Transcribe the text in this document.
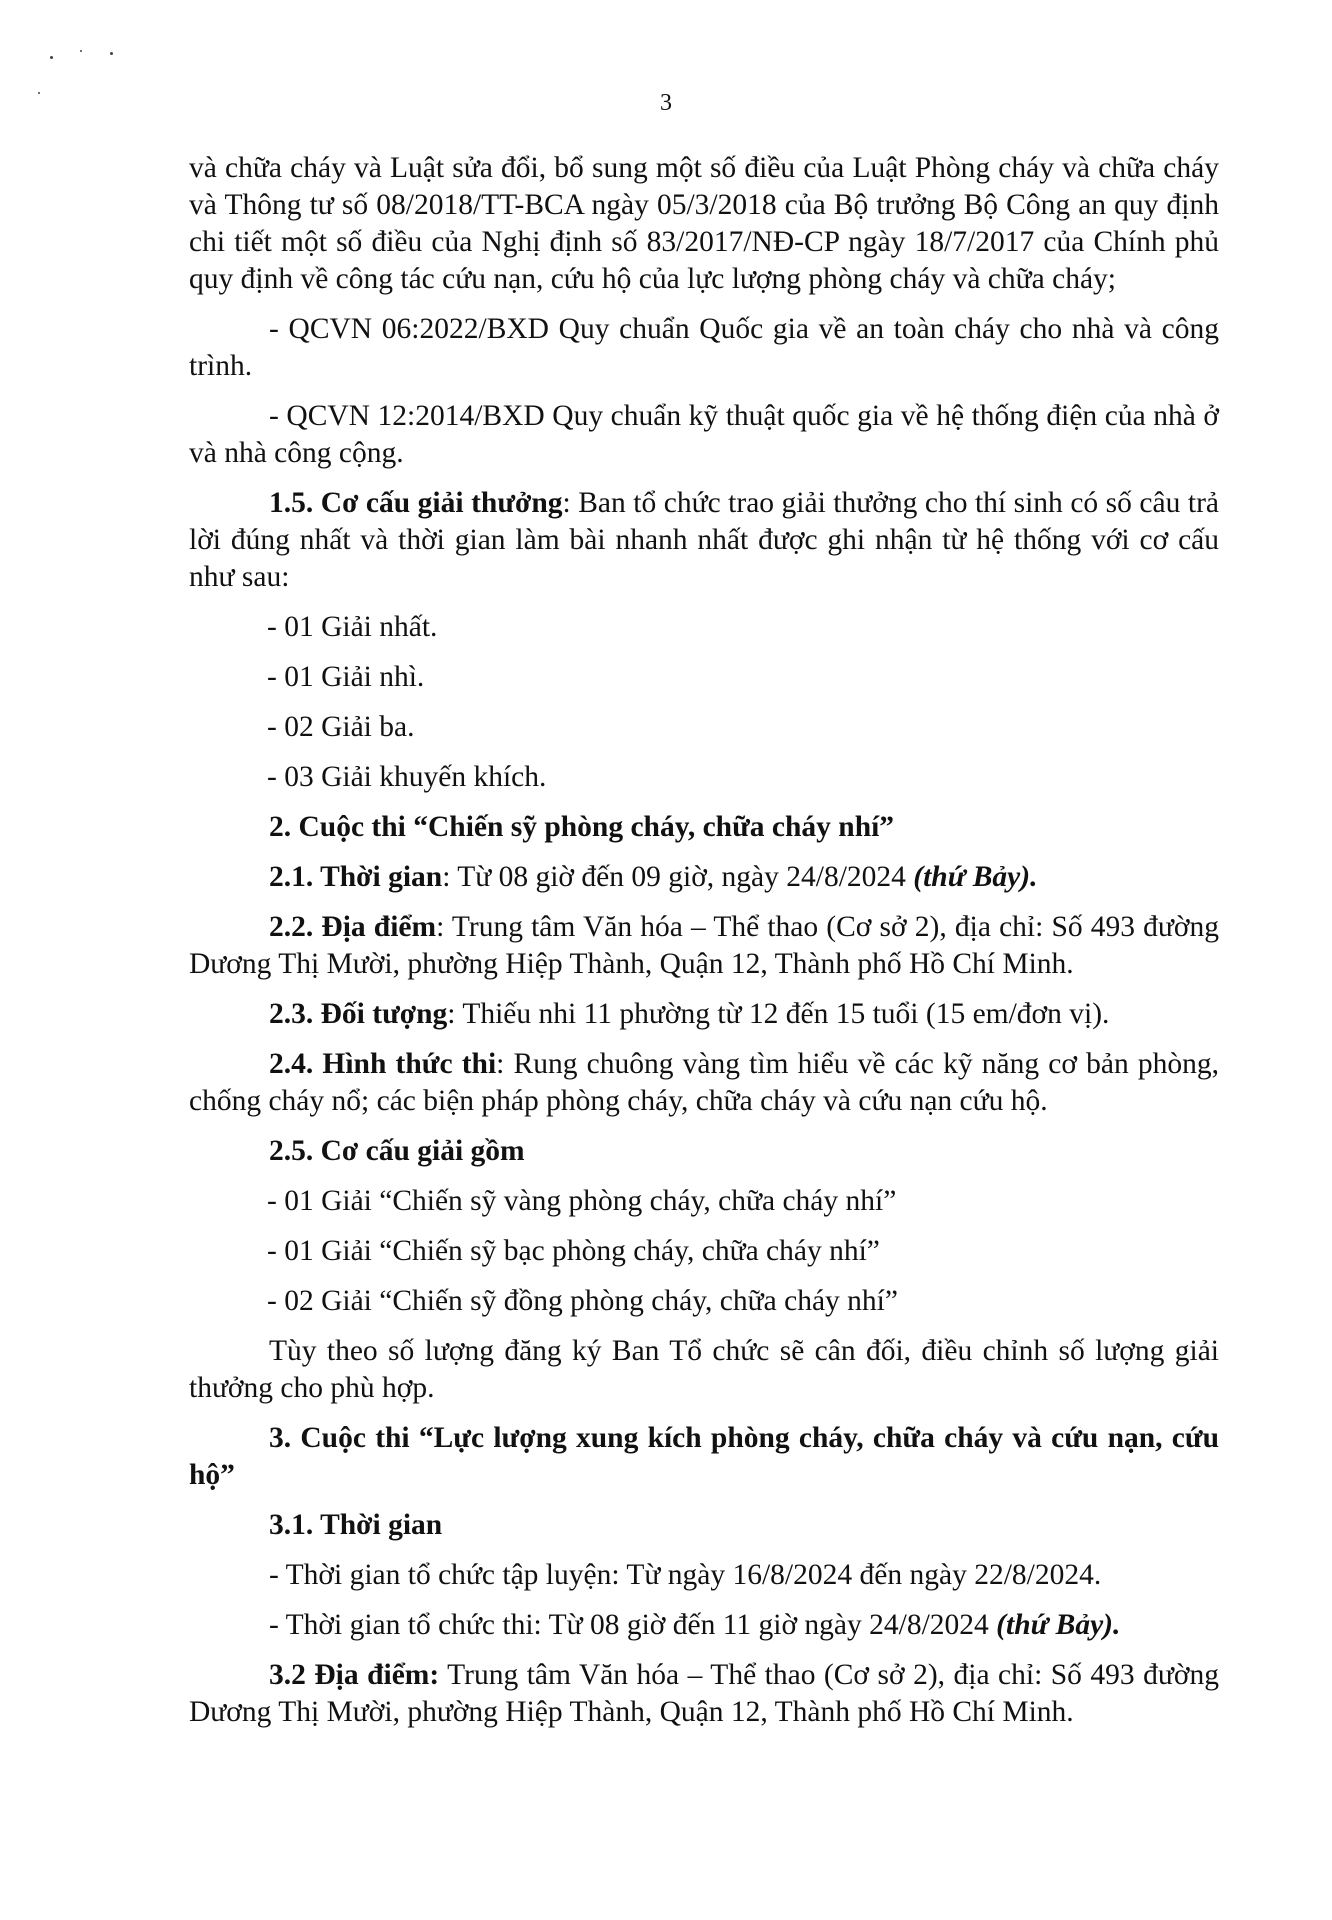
3

và chữa cháy và Luật sửa đổi, bổ sung một số điều của Luật Phòng cháy và chữa cháy và Thông tư số 08/2018/TT-BCA ngày 05/3/2018 của Bộ trưởng Bộ Công an quy định chi tiết một số điều của Nghị định số 83/2017/NĐ-CP ngày 18/7/2017 của Chính phủ quy định về công tác cứu nạn, cứu hộ của lực lượng phòng cháy và chữa cháy;

- QCVN 06:2022/BXD Quy chuẩn Quốc gia về an toàn cháy cho nhà và công trình.

- QCVN 12:2014/BXD Quy chuẩn kỹ thuật quốc gia về hệ thống điện của nhà ở và nhà công cộng.

1.5. Cơ cấu giải thưởng: Ban tổ chức trao giải thưởng cho thí sinh có số câu trả lời đúng nhất và thời gian làm bài nhanh nhất được ghi nhận từ hệ thống với cơ cấu như sau:

- 01 Giải nhất.

- 01 Giải nhì.

- 02 Giải ba.

- 03 Giải khuyến khích.

2. Cuộc thi “Chiến sỹ phòng cháy, chữa cháy nhí”

2.1. Thời gian: Từ 08 giờ đến 09 giờ, ngày 24/8/2024 (thứ Bảy).

2.2. Địa điểm: Trung tâm Văn hóa – Thể thao (Cơ sở 2), địa chỉ: Số 493 đường Dương Thị Mười, phường Hiệp Thành, Quận 12, Thành phố Hồ Chí Minh.

2.3. Đối tượng: Thiếu nhi 11 phường từ 12 đến 15 tuổi (15 em/đơn vị).

2.4. Hình thức thi: Rung chuông vàng tìm hiểu về các kỹ năng cơ bản phòng, chống cháy nổ; các biện pháp phòng cháy, chữa cháy và cứu nạn cứu hộ.

2.5. Cơ cấu giải gồm

- 01 Giải “Chiến sỹ vàng phòng cháy, chữa cháy nhí”

- 01 Giải “Chiến sỹ bạc phòng cháy, chữa cháy nhí”

- 02 Giải “Chiến sỹ đồng phòng cháy, chữa cháy nhí”

Tùy theo số lượng đăng ký Ban Tổ chức sẽ cân đối, điều chỉnh số lượng giải thưởng cho phù hợp.

3. Cuộc thi “Lực lượng xung kích phòng cháy, chữa cháy và cứu nạn, cứu hộ”

3.1. Thời gian

- Thời gian tổ chức tập luyện: Từ ngày 16/8/2024 đến ngày 22/8/2024.

- Thời gian tổ chức thi: Từ 08 giờ đến 11 giờ ngày 24/8/2024 (thứ Bảy).

3.2 Địa điểm: Trung tâm Văn hóa – Thể thao (Cơ sở 2), địa chỉ: Số 493 đường Dương Thị Mười, phường Hiệp Thành, Quận 12, Thành phố Hồ Chí Minh.
